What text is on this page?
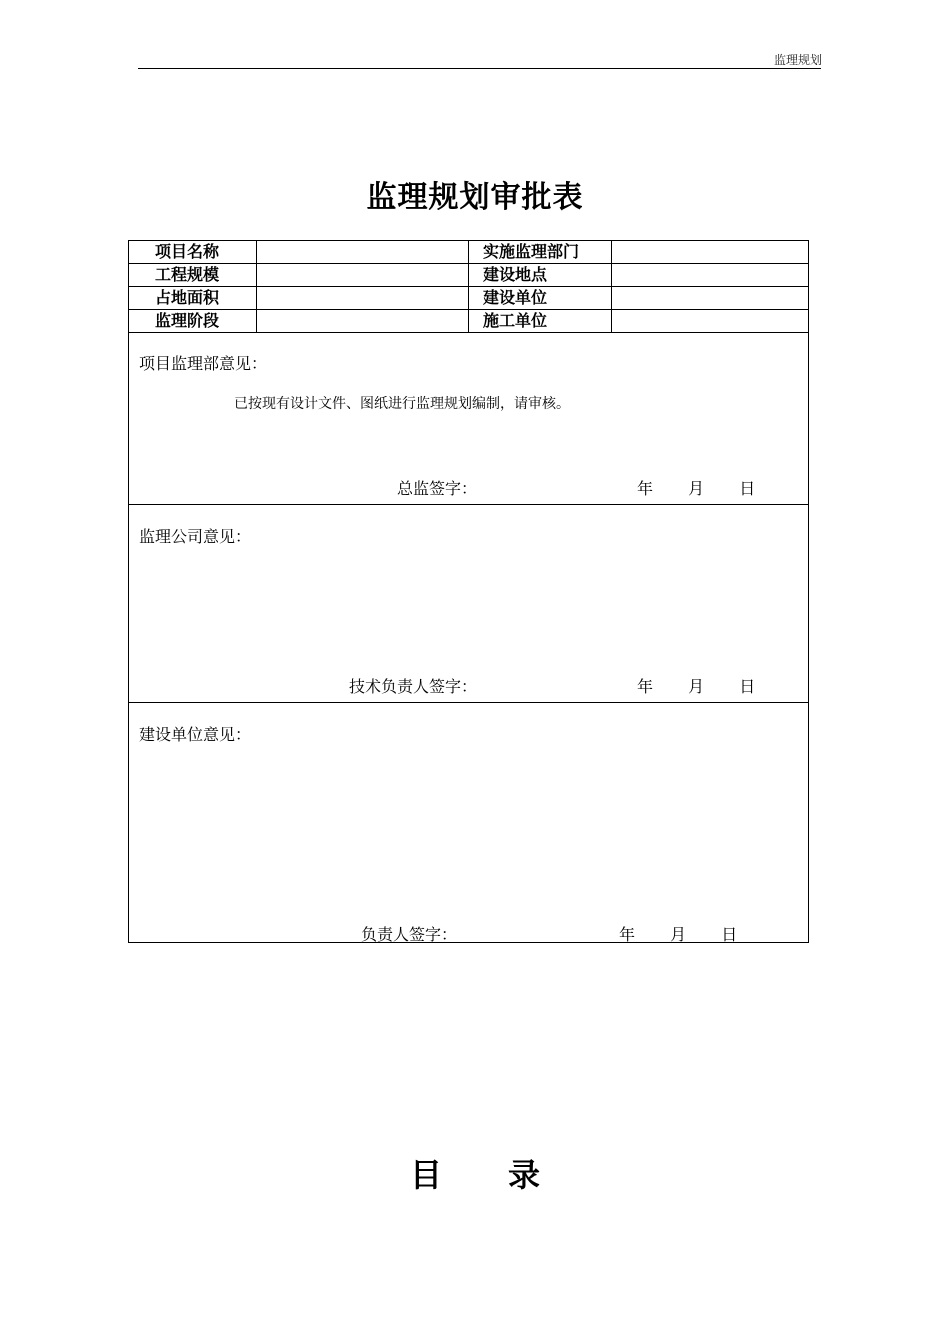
监理规划
监理规划审批表
项目名称	实施监理部门
工程规模	建设地点
占地面积	建设单位
监理阶段	施工单位
项目监理部意见：
已按现有设计文件、图纸进行监理规划编制，请审核。
总监签字：	年 月 日
监理公司意见：
技术负责人签字：	年 月 日
建设单位意见：
负责人签字：	年 月 日
目 录
